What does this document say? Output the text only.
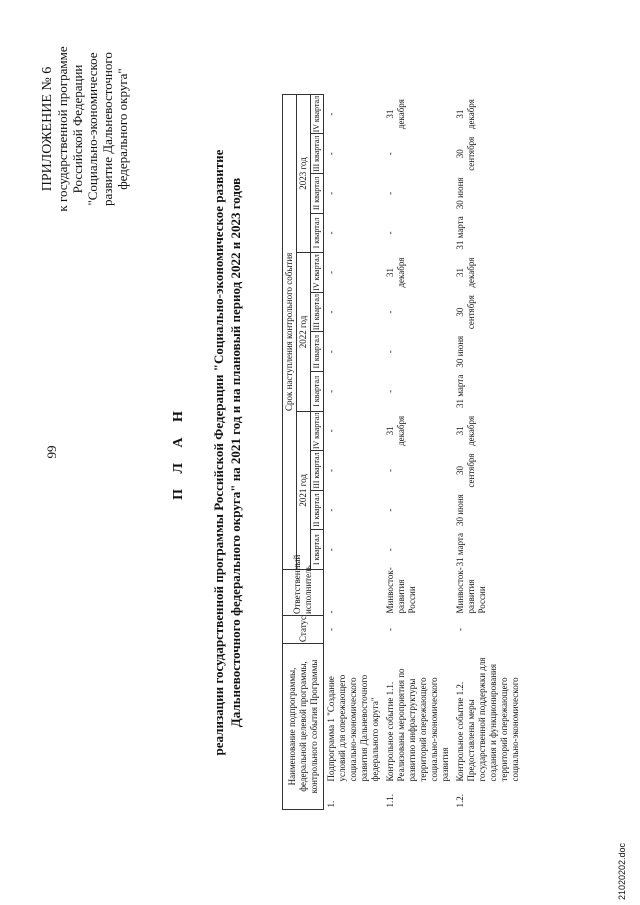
99
ПРИЛОЖЕНИЕ № 6 к государственной программе Российской Федерации "Социально-экономическое развитие Дальневосточного федерального округа"
П Л А Н реализации государственной программы Российской Федерации "Социально-экономическое развитие Дальневосточного федерального округа" на 2021 год и на плановый период 2022 и 2023 годов	Наименование подпрограммы, федеральной целевой программы, контрольного события Программы		Статус	Ответственный исполнитель	Срок наступления контрольного события											
				2021 год				2022 год				2023 год			
				I квартал	II квартал	III квартал	IV квартал	I квартал	II квартал	III квартал	IV квартал	I квартал	II квартал	III квартал	IV квартал
1.	Подпрограмма 1 "Создание условий для опережающего социально-экономического развития Дальневосточного федерального округа"	-	-	-	-	-	-	-	-	-	-	-	-	-	-
1.1.	Контрольное событие 1.1. Реализованы мероприятия по развитию инфраструктуры территорий опережающего социально-экономического развития	-	Минвосток-развития России	-	-	-	31 декабря	-	-	-	31 декабря	-	-	-	31 декабря
1.2.	Контрольное событие 1.2. Предоставлены меры государственной поддержки для создания и функционирования территорий опережающего социально-экономического	-	Минвосток-развития России	31 марта	30 июня	30 сентября	31 декабря	31 марта	30 июня	30 сентября	31 декабря	31 марта	30 июня	30 сентября	31 декабря
21020202.doc
